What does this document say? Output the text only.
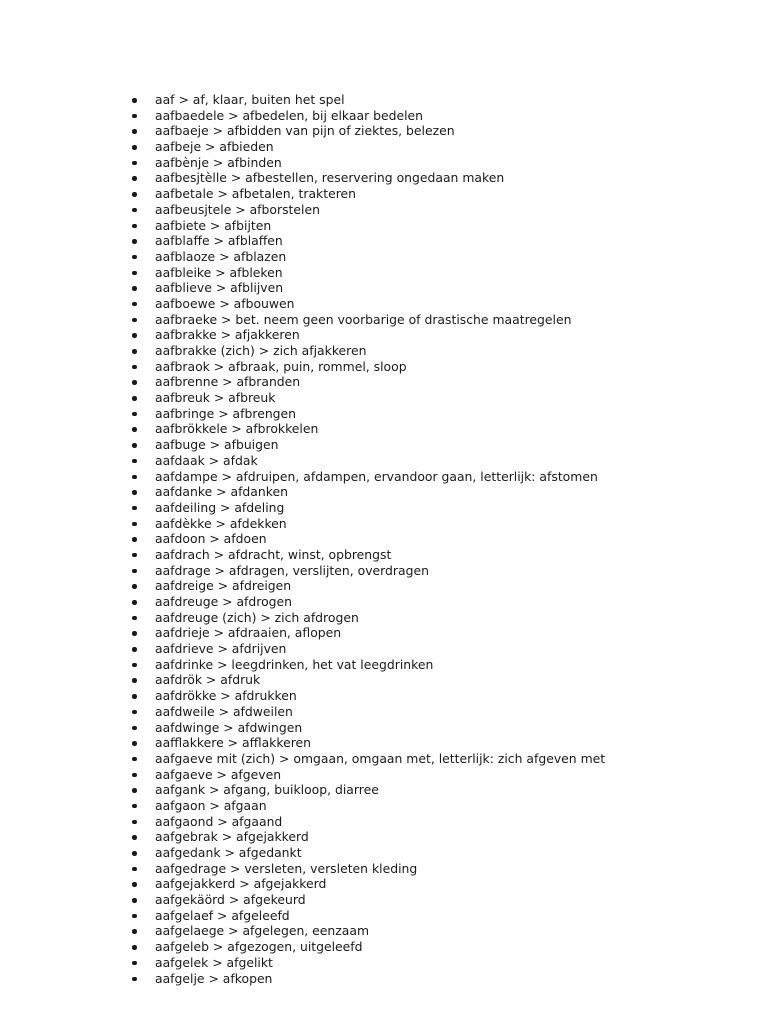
aaf > af, klaar, buiten het spel
aafbaedele > afbedelen, bij elkaar bedelen
aafbaeje > afbidden van pijn of ziektes, belezen
aafbeje > afbieden
aafbènje > afbinden
aafbesjtèlle > afbestellen, reservering ongedaan maken
aafbetale > afbetalen, trakteren
aafbeusjtele > afborstelen
aafbiete > afbijten
aafblaffe > afblaffen
aafblaoze > afblazen
aafbleike > afbleken
aafblieve > afblijven
aafboewe > afbouwen
aafbraeke > bet. neem geen voorbarige of drastische maatregelen
aafbrakke > afjakkeren
aafbrakke (zich) > zich afjakkeren
aafbraok > afbraak, puin, rommel, sloop
aafbrenne > afbranden
aafbreuk > afbreuk
aafbringe > afbrengen
aafbrökkele > afbrokkelen
aafbuge > afbuigen
aafdaak > afdak
aafdampe > afdruipen, afdampen, ervandoor gaan, letterlijk: afstomen
aafdanke > afdanken
aafdeiling > afdeling
aafdèkke > afdekken
aafdoon > afdoen
aafdrach > afdracht, winst, opbrengst
aafdrage > afdragen, verslijten, overdragen
aafdreige > afdreigen
aafdreuge > afdrogen
aafdreuge (zich) > zich afdrogen
aafdrieje > afdraaien, aflopen
aafdrieve > afdrijven
aafdrinke > leegdrinken, het vat leegdrinken
aafdrök > afdruk
aafdrökke > afdrukken
aafdweile > afdweilen
aafdwinge > afdwingen
aafflakkere > afflakkeren
aafgaeve mit (zich) > omgaan, omgaan met, letterlijk: zich afgeven met
aafgaeve > afgeven
aafgank > afgang, buikloop, diarree
aafgaon > afgaan
aafgaond > afgaand
aafgebrak > afgejakkerd
aafgedank > afgedankt
aafgedrage > versleten, versleten kleding
aafgejakkerd > afgejakkerd
aafgekäörd > afgekeurd
aafgelaef > afgeleefd
aafgelaege > afgelegen, eenzaam
aafgeleb > afgezogen, uitgeleefd
aafgelek > afgelikt
aafgelje > afkopen
